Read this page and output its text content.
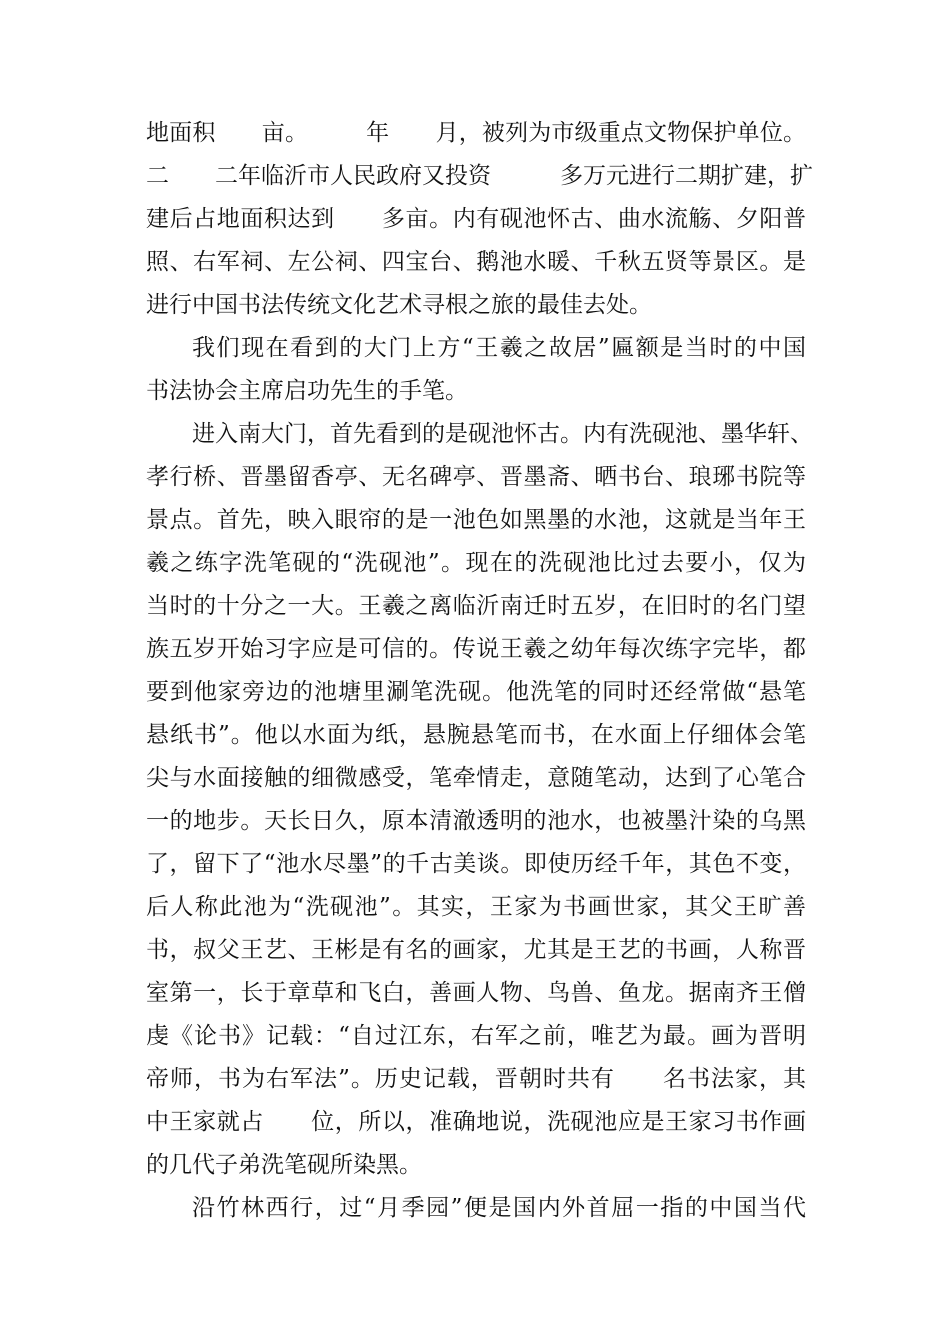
地面积　　亩。　　　年　　月，被列为市级重点文物保护单位。
二　　二年临沂市人民政府又投资　　　多万元进行二期扩建，扩
建后占地面积达到　　多亩。内有砚池怀古、曲水流觞、夕阳普
照、右军祠、左公祠、四宝台、鹅池水暖、千秋五贤等景区。是
进行中国书法传统文化艺术寻根之旅的最佳去处。
我们现在看到的大门上方“王羲之故居”匾额是当时的中国
书法协会主席启功先生的手笔。
进入南大门，首先看到的是砚池怀古。内有洗砚池、墨华轩、
孝行桥、晋墨留香亭、无名碑亭、晋墨斋、晒书台、琅琊书院等
景点。首先，映入眼帘的是一池色如黑墨的水池，这就是当年王
羲之练字洗笔砚的“洗砚池”。现在的洗砚池比过去要小，仅为
当时的十分之一大。王羲之离临沂南迁时五岁，在旧时的名门望
族五岁开始习字应是可信的。传说王羲之幼年每次练字完毕，都
要到他家旁边的池塘里涮笔洗砚。他洗笔的同时还经常做“悬笔
悬纸书”。他以水面为纸，悬腕悬笔而书，在水面上仔细体会笔
尖与水面接触的细微感受，笔牵情走，意随笔动，达到了心笔合
一的地步。天长日久，原本清澈透明的池水，也被墨汁染的乌黑
了，留下了“池水尽墨”的千古美谈。即使历经千年，其色不变，
后人称此池为“洗砚池”。其实，王家为书画世家，其父王旷善
书，叔父王艺、王彬是有名的画家，尤其是王艺的书画，人称晋
室第一，长于章草和飞白，善画人物、鸟兽、鱼龙。据南齐王僧
虔《论书》记载：“自过江东，右军之前，唯艺为最。画为晋明
帝师，书为右军法”。历史记载，晋朝时共有　　名书法家，其
中王家就占　　位，所以，准确地说，洗砚池应是王家习书作画
的几代子弟洗笔砚所染黑。
沿竹林西行，过“月季园”便是国内外首屈一指的中国当代
